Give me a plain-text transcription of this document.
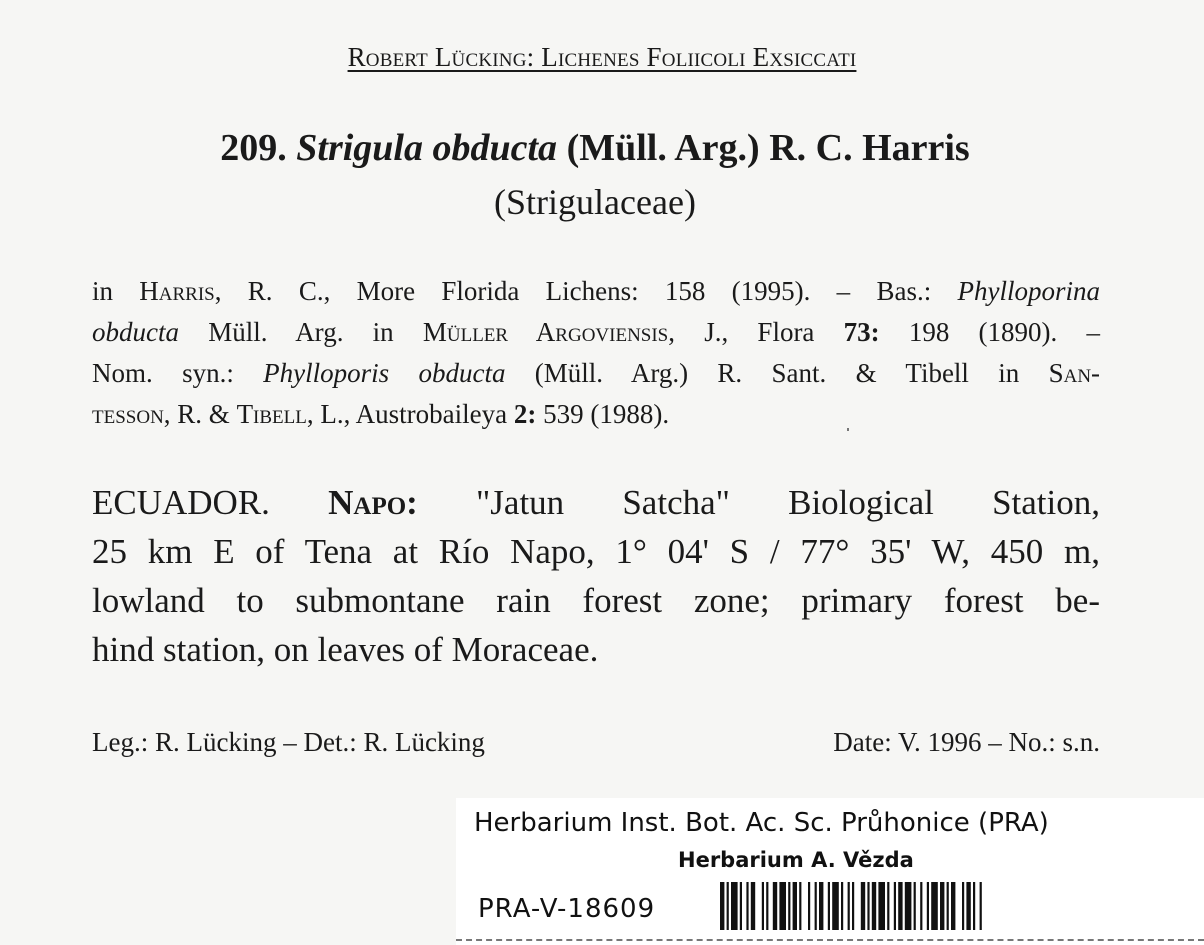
Robert Lücking: Lichenes Foliicoli Exsiccati
209. Strigula obducta (Müll. Arg.) R. C. Harris
(Strigulaceae)
in Harris, R. C., More Florida Lichens: 158 (1995). – Bas.: Phylloporina
obducta Müll. Arg. in Müller Argoviensis, J., Flora 73: 198 (1890). –
Nom. syn.: Phylloporis obducta (Müll. Arg.) R. Sant. & Tibell in San-
tesson, R. & Tibell, L., Austrobaileya 2: 539 (1988).
ECUADOR. Napo: "Jatun Satcha" Biological Station,
25 km E of Tena at Río Napo, 1° 04' S / 77° 35' W, 450 m,
lowland to submontane rain forest zone; primary forest be-
hind station, on leaves of Moraceae.
Leg.: R. Lücking – Det.: R. Lücking	Date: V. 1996 – No.: s.n.
Herbarium Inst. Bot. Ac. Sc. Průhonice (PRA)
Herbarium A. Vězda
PRA-V-18609
